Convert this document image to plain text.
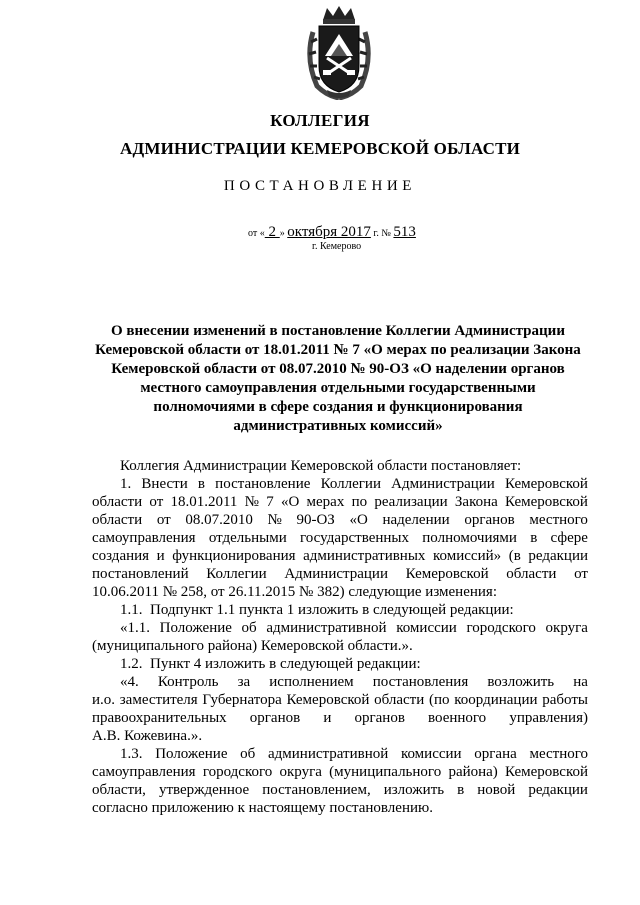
КОЛЛЕГИЯ
АДМИНИСТРАЦИИ КЕМЕРОВСКОЙ ОБЛАСТИ
ПОСТАНОВЛЕНИЕ
от « 2 » октября 2017 г. № 513
г. Кемерово
О внесении изменений в постановление Коллегии Администрации
Кемеровской области от 18.01.2011 № 7 «О мерах по реализации Закона
Кемеровской области от 08.07.2010 № 90-ОЗ «О наделении органов
местного самоуправления отдельными государственными
полномочиями в сфере создания и функционирования
административных комиссий»
Коллегия Администрации Кемеровской области постановляет:
1. Внести в постановление Коллегии Администрации Кемеровской
области от 18.01.2011 № 7 «О мерах по реализации Закона Кемеровской
области от 08.07.2010 № 90-ОЗ «О наделении органов местного
самоуправления отдельными государственных полномочиями в сфере
создания и функционирования административных комиссий» (в редакции
постановлений Коллегии Администрации Кемеровской области от
10.06.2011 № 258, от 26.11.2015 № 382) следующие изменения:
1.1.  Подпункт 1.1 пункта 1 изложить в следующей редакции:
«1.1. Положение об административной комиссии городского округа
(муниципального района) Кемеровской области.».
1.2.  Пункт 4 изложить в следующей редакции:
«4. Контроль за исполнением постановления возложить на
и.о. заместителя Губернатора Кемеровской области (по координации работы
правоохранительных органов и органов военного управления)
А.В. Кожевина.».
1.3. Положение об административной комиссии органа местного
самоуправления городского округа (муниципального района) Кемеровской
области, утвержденное постановлением, изложить в новой редакции
согласно приложению к настоящему постановлению.
